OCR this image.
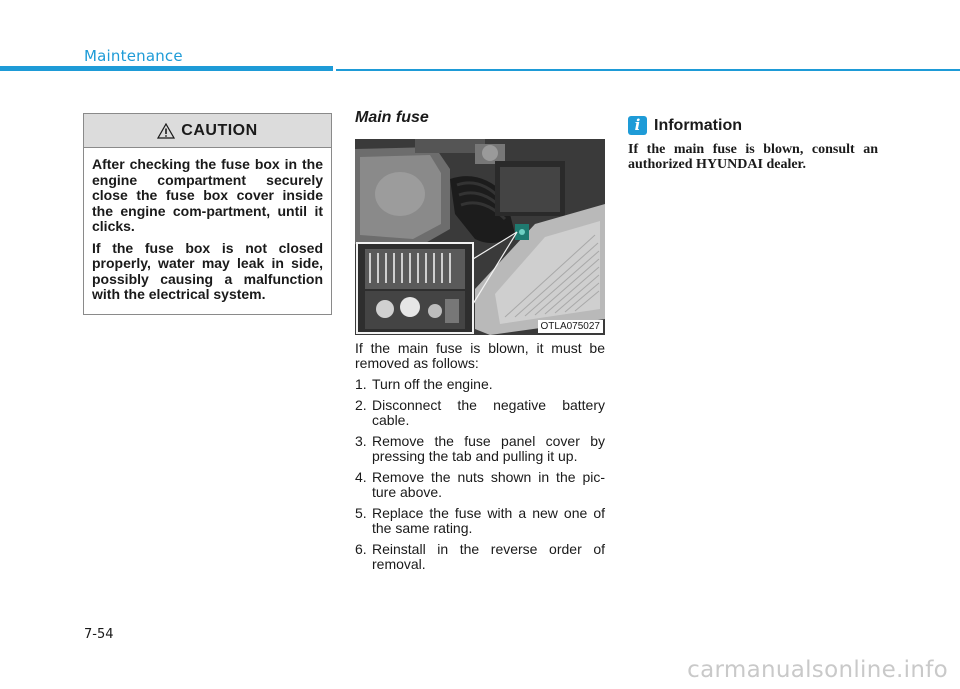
Maintenance
CAUTION

After checking the fuse box in the engine compartment securely close the fuse box cover inside the engine com-partment, until it clicks.

If the fuse box is not closed properly, water may leak in side, possibly causing a malfunction with the electrical system.

Main fuse
OTLA075027

If the main fuse is blown, it must be removed as follows:

1. Turn off the engine.
2. Disconnect the negative battery cable.
3. Remove the fuse panel cover by pressing the tab and pulling it up.
4. Remove the nuts shown in the pic-ture above.
5. Replace the fuse with a new one of the same rating.
6. Reinstall in the reverse order of removal.
i Information
If the main fuse is blown, consult an authorized HYUNDAI dealer.
7-54
carmanualsonline.info
